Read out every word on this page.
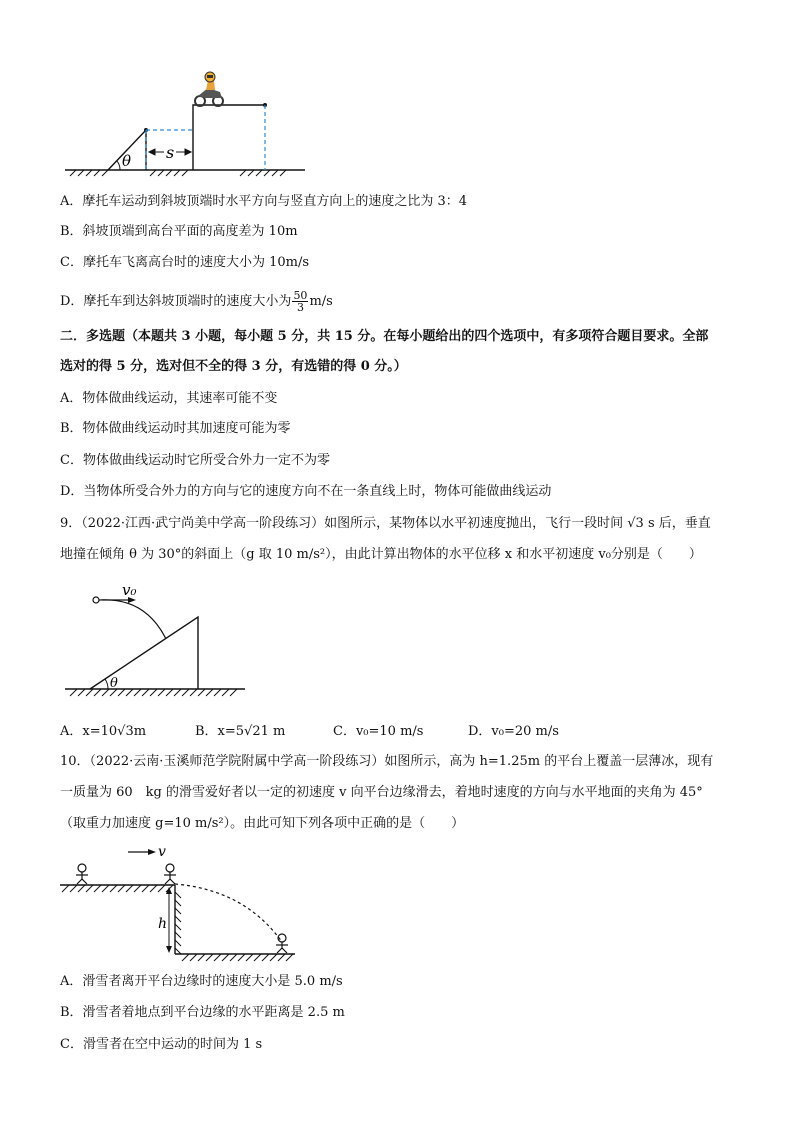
s
θ
A．摩托车运动到斜坡顶端时水平方向与竖直方向上的速度之比为 3：4
B．斜坡顶端到高台平面的高度差为 10m
C．摩托车飞离高台时的速度大小为 10m/s
D．摩托车到达斜坡顶端时的速度大小为 $\frac{50}{3} m/s$
二．多选题（本题共 3 小题，每小题 5 分，共 15 分。在每小题给出的四个选项中，有多项符合题目要求。全部
选对的得 5 分，选对但不全的得 3 分，有选错的得 0 分。）
A．物体做曲线运动，其速率可能不变
B．物体做曲线运动时其加速度可能为零
C．物体做曲线运动时它所受合外力一定不为零
D．当物体所受合外力的方向与它的速度方向不在一条直线上时，物体可能做曲线运动
9．（2022·江西·武宁尚美中学高一阶段练习）如图所示，某物体以水平初速度抛出，飞行一段时间 √3 s 后，垂直
地撞在倾角 θ 为 30°的斜面上（g 取 10 m/s²），由此计算出物体的水平位移 x 和水平初速度 v₀分别是（　　）
v₀
θ
A．x=10√3m	B．x=5√21 m	C．v₀=10 m/s	D．v₀=20 m/s
10．（2022·云南·玉溪师范学院附属中学高一阶段练习）如图所示，高为 h=1.25m 的平台上覆盖一层薄冰，现有
一质量为 60　kg 的滑雪爱好者以一定的初速度 v 向平台边缘滑去，着地时速度的方向与水平地面的夹角为 45°
（取重力加速度 g=10 m/s²）。由此可知下列各项中正确的是（　　）
v
h
A．滑雪者离开平台边缘时的速度大小是 5.0 m/s
B．滑雪者着地点到平台边缘的水平距离是 2.5 m
C．滑雪者在空中运动的时间为 1 s
